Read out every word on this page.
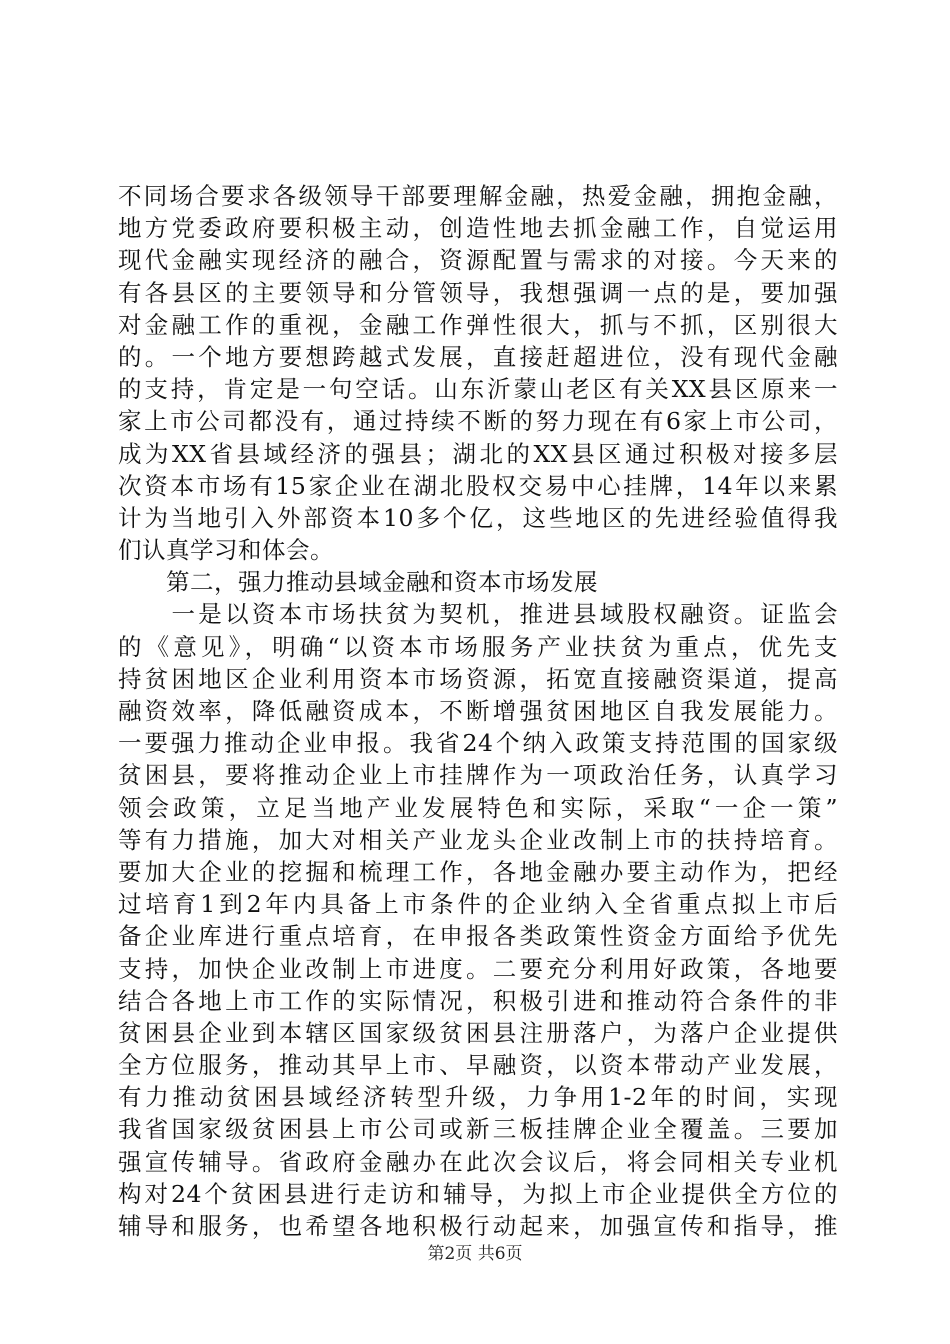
不同场合要求各级领导干部要理解金融，热爱金融，拥抱金融，
地方党委政府要积极主动，创造性地去抓金融工作，自觉运用
现代金融实现经济的融合，资源配置与需求的对接。今天来的
有各县区的主要领导和分管领导，我想强调一点的是，要加强
对金融工作的重视，金融工作弹性很大，抓与不抓，区别很大
的。一个地方要想跨越式发展，直接赶超进位，没有现代金融
的支持，肯定是一句空话。山东沂蒙山老区有关XX县区原来一
家上市公司都没有，通过持续不断的努力现在有6家上市公司，
成为XX省县域经济的强县；湖北的XX县区通过积极对接多层
次资本市场有15家企业在湖北股权交易中心挂牌，14年以来累
计为当地引入外部资本10多个亿，这些地区的先进经验值得我
们认真学习和体会。
　　第二，强力推动县域金融和资本市场发展
　　一是以资本市场扶贫为契机，推进县域股权融资。证监会
的《意见》，明确“以资本市场服务产业扶贫为重点，优先支
持贫困地区企业利用资本市场资源，拓宽直接融资渠道，提高
融资效率，降低融资成本，不断增强贫困地区自我发展能力。
一要强力推动企业申报。我省24个纳入政策支持范围的国家级
贫困县，要将推动企业上市挂牌作为一项政治任务，认真学习
领会政策，立足当地产业发展特色和实际，采取“一企一策”
等有力措施，加大对相关产业龙头企业改制上市的扶持培育。
要加大企业的挖掘和梳理工作，各地金融办要主动作为，把经
过培育1到2年内具备上市条件的企业纳入全省重点拟上市后
备企业库进行重点培育，在申报各类政策性资金方面给予优先
支持，加快企业改制上市进度。二要充分利用好政策，各地要
结合各地上市工作的实际情况，积极引进和推动符合条件的非
贫困县企业到本辖区国家级贫困县注册落户，为落户企业提供
全方位服务，推动其早上市、早融资，以资本带动产业发展，
有力推动贫困县域经济转型升级，力争用1-2年的时间，实现
我省国家级贫困县上市公司或新三板挂牌企业全覆盖。三要加
强宣传辅导。省政府金融办在此次会议后，将会同相关专业机
构对24个贫困县进行走访和辅导，为拟上市企业提供全方位的
辅导和服务，也希望各地积极行动起来，加强宣传和指导，推
第2页 共6页
